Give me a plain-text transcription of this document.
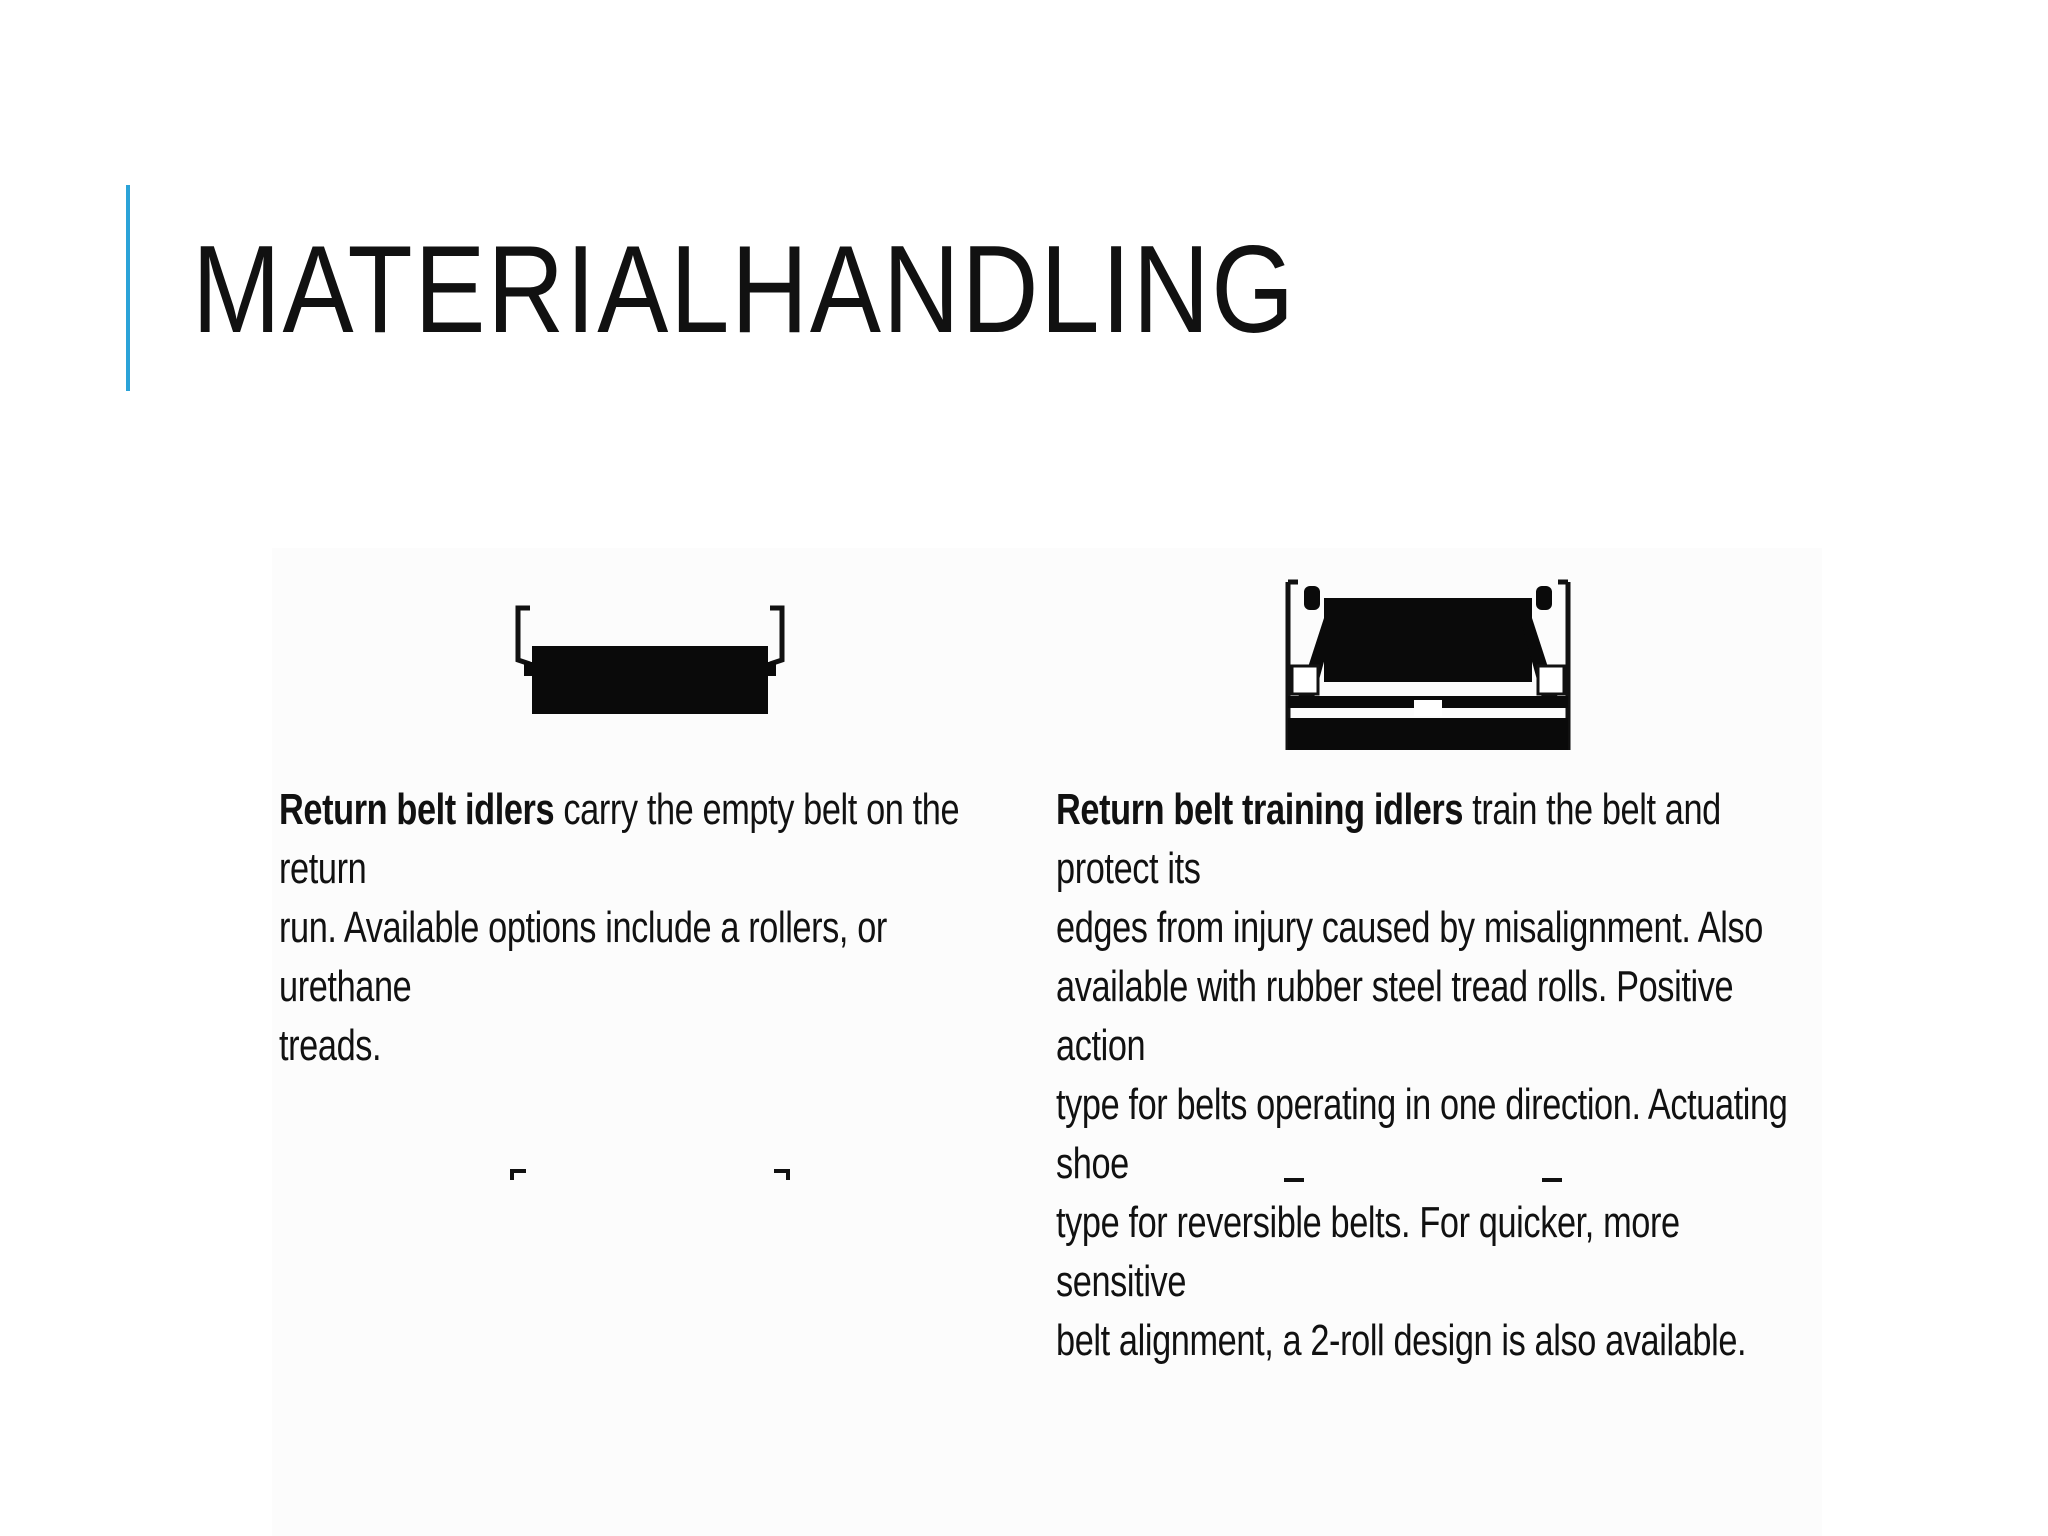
MATERIALHANDLING
Return belt idlers carry the empty belt on the return
run. Available options include a rollers, or urethane
treads.
Return belt training idlers train the belt and protect its
edges from injury caused by misalignment. Also
available with rubber steel tread rolls. Positive action
type for belts operating in one direction. Actuating shoe
type for reversible belts. For quicker, more sensitive
belt alignment, a 2-roll design is also available.
